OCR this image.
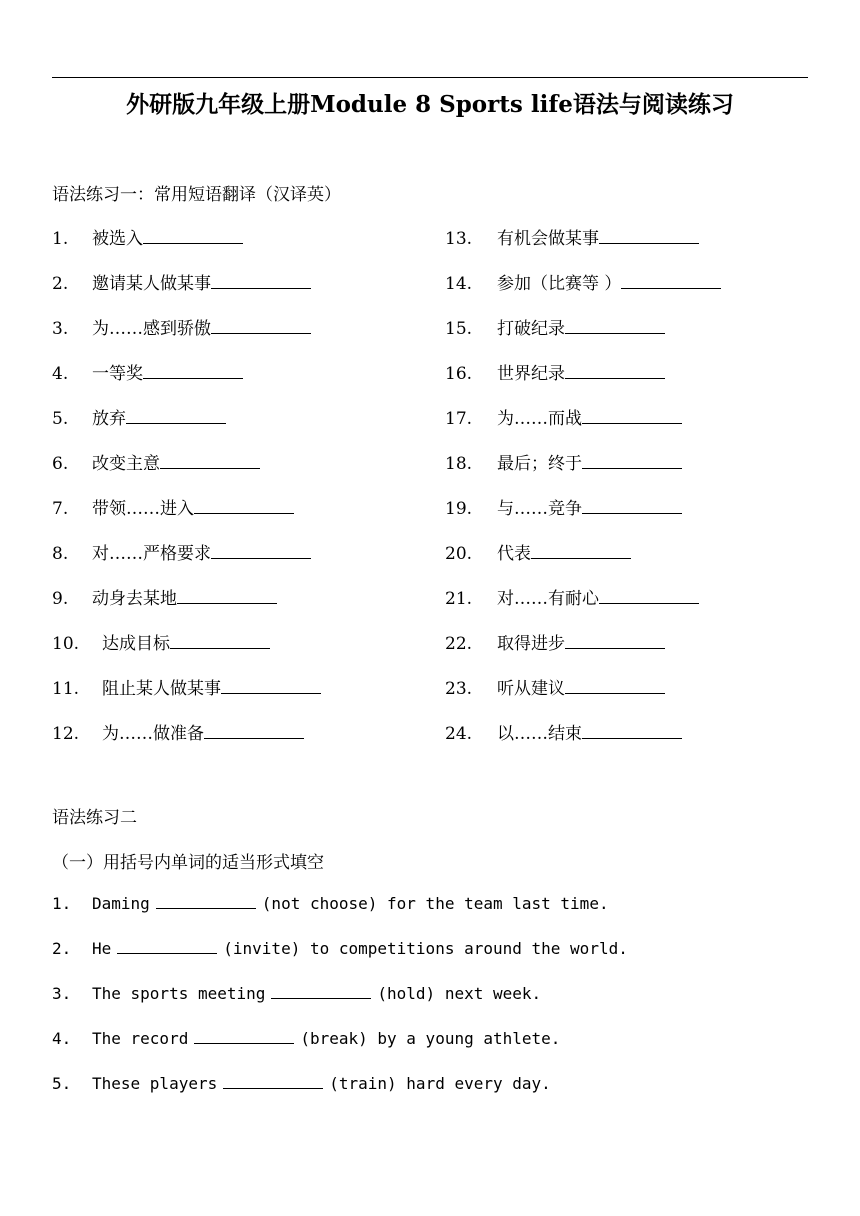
外研版九年级上册Module 8 Sports life语法与阅读练习
语法练习一：常用短语翻译（汉译英）
1. 被选入
2. 邀请某人做某事
3. 为……感到骄傲
4. 一等奖
5. 放弃
6. 改变主意
7. 带领……进入
8. 对……严格要求
9. 动身去某地
10. 达成目标
11. 阻止某人做某事
12. 为……做准备
13. 有机会做某事
14. 参加（比赛等 ）
15. 打破纪录
16. 世界纪录
17. 为……而战
18. 最后；终于
19. 与……竞争
20. 代表
21. 对……有耐心
22. 取得进步
23. 听从建议
24. 以……结束
语法练习二
（一）用括号内单词的适当形式填空
1. Daming	(not choose) for the team last time.
2. He	(invite) to competitions around the world.
3. The sports meeting	(hold) next week.
4. The record	(break) by a young athlete.
5. These players	(train) hard every day.
